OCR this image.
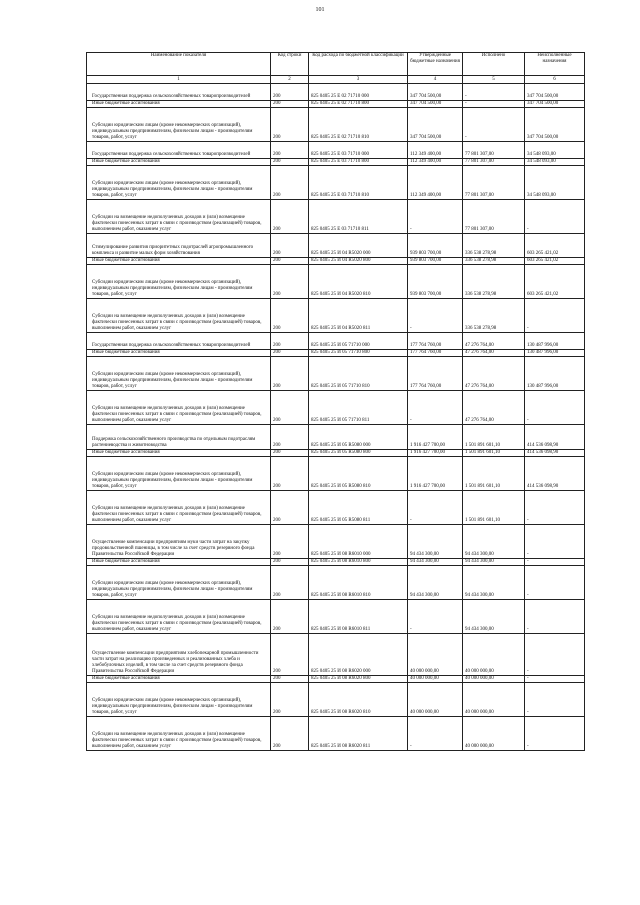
101
Наименование показателя	Код строки	Код расхода по бюджетной классификации	Утвержденные бюджетные назначения	Исполнено	Неисполненные назначения
1	2	3	4	5	6
Государственная поддержка сельскохозяйственных товаропроизводителей	200	825 0405 25 Е 02 71710 000	347 704 500,00	-	347 704 500,00
Иные бюджетные ассигнования	200	825 0405 25 Е 02 71710 800	347 704 500,00	-	347 704 500,00
Субсидии юридическим лицам (кроме некоммерческих организаций), индивидуальным предпринимателям, физическим лицам - производителям товаров, работ, услуг	200	825 0405 25 Е 02 71710 810	347 704 500,00	-	347 704 500,00
Государственная поддержка сельскохозяйственных товаропроизводителей	200	825 0405 25 Е 03 71710 000	112 349 400,00	77 801 307,00	34 548 093,00
Иные бюджетные ассигнования	200	825 0405 25 Е 03 71710 800	112 349 400,00	77 801 307,00	34 548 093,00
Субсидии юридическим лицам (кроме некоммерческих организаций), индивидуальным предпринимателям, физическим лицам - производителям товаров, работ, услуг	200	825 0405 25 Е 03 71710 810	112 349 400,00	77 801 307,00	34 548 093,00
Субсидии на возмещение недополученных доходов и (или) возмещение фактически понесенных затрат в связи с производством (реализацией) товаров, выполнением работ, оказанием услуг	200	825 0405 25 Е 03 71710 811	-	77 801 307,00	-
Стимулирование развития приоритетных подотраслей агропромышленного комплекса и развитие малых форм хозяйствования	200	825 0405 25 И 04 R5020 000	939 803 700,00	336 538 278,98	603 265 421,02
Иные бюджетные ассигнования	200	825 0405 25 И 04 R5020 800	939 803 700,00	336 538 278,98	603 265 421,02
Субсидии юридическим лицам (кроме некоммерческих организаций), индивидуальным предпринимателям, физическим лицам - производителям товаров, работ, услуг	200	825 0405 25 И 04 R5020 810	939 803 700,00	336 538 278,98	603 265 421,02
Субсидии на возмещение недополученных доходов и (или) возмещение фактически понесенных затрат в связи с производством (реализацией) товаров, выполнением работ, оказанием услуг	200	825 0405 25 И 04 R5020 811	-	336 538 278,98	-
Государственная поддержка сельскохозяйственных товаропроизводителей	200	825 0405 25 И 05 71710 000	177 764 760,00	47 276 764,00	130 487 996,00
Иные бюджетные ассигнования	200	825 0405 25 И 05 71710 800	177 764 760,00	47 276 764,00	130 487 996,00
Субсидии юридическим лицам (кроме некоммерческих организаций), индивидуальным предпринимателям, физическим лицам - производителям товаров, работ, услуг	200	825 0405 25 И 05 71710 810	177 764 760,00	47 276 764,00	130 487 996,00
Субсидии на возмещение недополученных доходов и (или) возмещение фактически понесенных затрат в связи с производством (реализацией) товаров, выполнением работ, оказанием услуг	200	825 0405 25 И 05 71710 811	-	47 276 764,00	-
Поддержка сельскохозяйственного производства по отдельным подотраслям растениеводства и животноводства	200	825 0405 25 И 05 R5080 000	1 916 427 700,00	1 501 891 601,10	414 536 098,90
Иные бюджетные ассигнования	200	825 0405 25 И 05 R5080 800	1 916 427 700,00	1 501 891 601,10	414 536 098,90
Субсидии юридическим лицам (кроме некоммерческих организаций), индивидуальным предпринимателям, физическим лицам - производителям товаров, работ, услуг	200	825 0405 25 И 05 R5080 810	1 916 427 700,00	1 501 891 601,10	414 536 098,90
Субсидии на возмещение недополученных доходов и (или) возмещение фактически понесенных затрат в связи с производством (реализацией) товаров, выполнением работ, оказанием услуг	200	825 0405 25 И 05 R5080 811	-	1 501 891 601,10	-
Осуществление компенсации предприятиям муки части затрат на закупку продовольственной пшеницы, в том числе за счет средств резервного фонда Правительства Российской Федерации	200	825 0405 25 И 08 R6010 000	94 434 300,00	94 434 300,00	-
Иные бюджетные ассигнования	200	825 0405 25 И 08 R6010 800	94 434 300,00	94 434 300,00	-
Субсидии юридическим лицам (кроме некоммерческих организаций), индивидуальным предпринимателям, физическим лицам - производителям товаров, работ, услуг	200	825 0405 25 И 08 R6010 810	94 434 300,00	94 434 300,00	-
Субсидии на возмещение недополученных доходов и (или) возмещение фактически понесенных затрат в связи с производством (реализацией) товаров, выполнением работ, оказанием услуг	200	825 0405 25 И 08 R6010 811	-	94 434 300,00	-
Осуществление компенсации предприятиям хлебопекарной промышленности части затрат на реализацию произведенных и реализованных хлеба и хлебобулочных изделий, в том числе за счет средств резервного фонда Правительства Российской Федерации	200	825 0405 25 И 08 R6020 000	40 000 000,00	40 000 000,00	-
Иные бюджетные ассигнования	200	825 0405 25 И 08 R6020 800	40 000 000,00	40 000 000,00	-
Субсидии юридическим лицам (кроме некоммерческих организаций), индивидуальным предпринимателям, физическим лицам - производителям товаров, работ, услуг	200	825 0405 25 И 08 R6020 810	40 000 000,00	40 000 000,00	-
Субсидии на возмещение недополученных доходов и (или) возмещение фактически понесенных затрат в связи с производством (реализацией) товаров, выполнением работ, оказанием услуг	200	825 0405 25 И 08 R6020 811	-	40 000 000,00	-
